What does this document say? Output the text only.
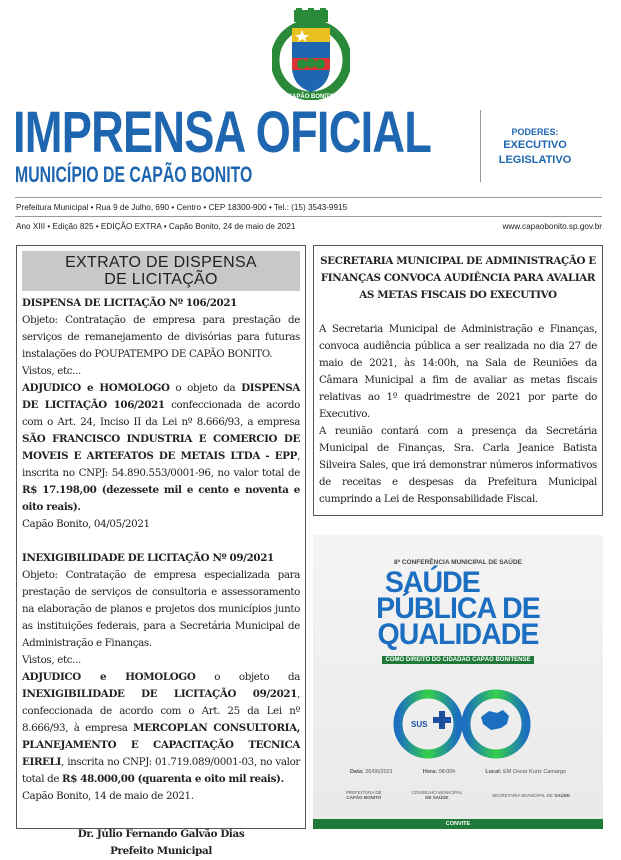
CAPÃO BONITO
IMPRENSA OFICIAL
MUNICÍPIO DE CAPÃO BONITO
PODERES:
EXECUTIVO
LEGISLATIVO
Prefeitura Municipal • Rua 9 de Julho, 690 • Centro • CEP 18300-900 • Tel.: (15) 3543-9915
Ano XIII • Edição 825 • EDIÇÃO EXTRA • Capão Bonito, 24 de maio de 2021	www.capaobonito.sp.gov.br
EXTRATO DE DISPENSA
DE LICITAÇÃO

DISPENSA DE LICITAÇÃO Nº 106/2021

Objeto: Contratação de empresa para prestação de serviços de remanejamento de divisórias para futuras instalações do POUPATEMPO DE CAPÃO BONITO.

Vistos, etc...

ADJUDICO e HOMOLOGO o objeto da DISPENSA DE LICITAÇÃO 106/2021 confeccionada de acordo com o Art. 24, Inciso II da Lei nº 8.666/93, a empresa SÃO FRANCISCO INDUSTRIA E COMERCIO DE MOVEIS E ARTEFATOS DE METAIS LTDA - EPP, inscrita no CNPJ: 54.890.553/0001-96, no valor total de R$ 17.198,00 (dezessete mil e cento e noventa e oito reais).

Capão Bonito, 04/05/2021

INEXIGIBILIDADE DE LICITAÇÃO Nº 09/2021

Objeto: Contratação de empresa especializada para prestação de serviços de consultoria e assessoramento na elaboração de planos e projetos dos municípios junto as instituições federais, para a Secretária Municipal de Administração e Finanças.

Vistos, etc...

ADJUDICO e HOMOLOGO o objeto da INEXIGIBILIDADE DE LICITAÇÃO 09/2021, confeccionada de acordo com o Art. 25 da Lei nº 8.666/93, à empresa MERCOPLAN CONSULTORIA, PLANEJAMENTO E CAPACITAÇÃO TECNICA EIRELI, inscrita no CNPJ: 01.719.089/0001-03, no valor total de R$ 48.000,00 (quarenta e oito mil reais).

Capão Bonito, 14 de maio de 2021.

Dr. Júlio Fernando Galvão Dias
Prefeito Municipal

SECRETARIA MUNICIPAL DE ADMINISTRAÇÃO E FINANÇAS CONVOCA AUDIÊNCIA PARA AVALIAR AS METAS FISCAIS DO EXECUTIVO

A Secretaria Municipal de Administração e Finanças, convoca audiência pública a ser realizada no dia 27 de maio de 2021, às 14:00h, na Sala de Reuniões da Câmara Municipal a fim de avaliar as metas fiscais relativas ao 1º quadrimestre de 2021 por parte do Executivo.

A reunião contará com a presença da Secretária Municipal de Finanças, Sra. Carla Jeanice Batista Silveira Sales, que irá demonstrar números informativos de receitas e despesas da Prefeitura Municipal cumprindo a Lei de Responsabilidade Fiscal.

8ª CONFERÊNCIA MUNICIPAL DE SAÚDE
SAÚDE
PÚBLICA DE
QUALIDADE
COMO DIREITO DO CIDADÃO CAPÃO BONITENSE
SUS
Data: 26/06/2021	Hora: 08:00h	Local: EM Oscar Kurtz Camargo
PREFEITURA DE
CAPÃO BONITO
CONSELHO MUNICIPAL
DE SAÚDE	SECRETARIA MUNICIPAL DE SAÚDE
CONVITE
